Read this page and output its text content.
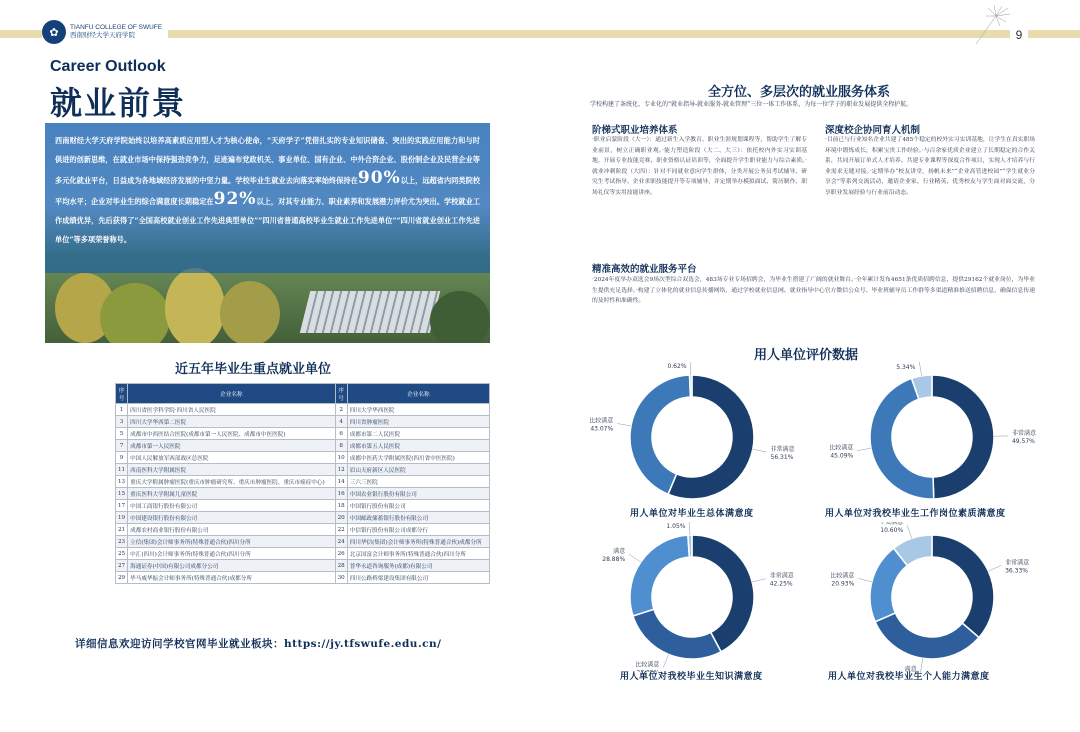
✿	TIANFU COLLEGE OF SWUFE
西南财经大学天府学院	9
Career Outlook
就业前景
西南财经大学天府学院始终以培养高素质应用型人才为核心使命，“天府学子”凭借扎实的专业知识储备、突出的实践应用能力和与时俱进的创新思维，在就业市场中保持强劲竞争力，足迹遍布党政机关、事业单位、国有企业、中外合资企业、股份制企业及民营企业等多元化就业平台，日益成为各地域经济发展的中坚力量。学校毕业生就业去向落实率始终保持在90%以上，远超省内同类院校平均水平；企业对毕业生的综合满意度长期稳定在92%以上，对其专业能力、职业素养和发展潜力评价尤为突出。学校就业工作成绩优异，先后获得了“全国高校就业创业工作先进典型单位”“四川省普通高校毕业生就业工作先进单位”“四川省就业创业工作先进单位”等多项荣誉称号。
近五年毕业生重点就业单位
序号	企业名称	序号	企业名称
1	四川省医学科学院·四川省人民医院	2	四川大学华西医院
3	四川大学华西第二医院	4	四川省肿瘤医院
5	成都市中西医结合医院(成都市第一人民医院、成都市中医医院)	6	成都市第二人民医院
7	成都市第一人民医院	8	成都市第五人民医院
9	中国人民解放军西部战区总医院	10	成都中医药大学附属医院(四川省中医医院)
11	西南医科大学附属医院	12	眉山天府新区人民医院
13	重庆大学附属肿瘤医院(重庆市肿瘤研究所、重庆市肿瘤医院、重庆市癌症中心)	14	三六三医院
15	重庆医科大学附属儿童医院	16	中国农业银行股份有限公司
17	中国工商银行股份有限公司	18	中国银行股份有限公司
19	中国建设银行股份有限公司	20	中国邮政储蓄银行股份有限公司
21	成都农村商业银行股份有限公司	22	中信银行股份有限公司成都分行
23	立信(集团)会计师事务所(特殊普通合伙)四川分所	24	四川华信(集团)会计师事务所(特殊普通合伙)成都分所
25	中汇(四川)会计师事务所(特殊普通合伙)四川分所	26	北京国富会计师事务所(特殊普通合伙)四川分所
27	海通证券(中国)有限公司成都分公司	28	普华永道咨询服务(成都)有限公司
29	毕马威华振会计师事务所(特殊普通合伙)成都分所	30	四川公路桥梁建设集团有限公司
详细信息欢迎访问学校官网毕业就业板块：https://jy.tfswufe.edu.cn/
全方位、多层次的就业服务体系
学校构建了条统化、专业化的“就业指导-就业服务-就业管理”三位一体工作体系，为每一位学子的职业发展提供全程护航。
阶梯式职业培养体系
·职业启蒙阶段（大一）：通过新生入学教育、职业生涯规划课程等，帮助学生了解专业前景，树立正确职业观。·能力塑造阶段（大二、大三）：依托校内外实习实训基地，开展专业技能竞赛、职业资格认证培训等，全面提升学生职业能力与综合素质。·就业冲刺阶段（大四）：针对不同就业意向学生群体，分类开展公务员考试辅导、研究生考试指导、企业求职技能提升等专项辅导，并定期举办模拟面试、简历制作、职场礼仪等实用技能讲座。
深度校企协同育人机制
·目前已与行业知名企业共建了485个稳定的校外实习实训基地，让学生在真实职场环境中锻炼成长，积累宝贵工作经验。·与百余家优质企业建立了长期稳定的合作关系，共同开展订单式人才培养、共建专业课程等深度合作项目，实现人才培养与行业需求无缝对接。·定期举办“校友讲堂，扬帆未来”“企业高管进校园”“学生就业分享会”等系列交流活动，邀请企业家、行业精英、优秀校友与学生面对面交流，分享职业发展经验与行业前沿动态。
精准高效的就业服务平台
·2024年度举办双选会9场次型综合双选会，483场专业专场招聘会，为毕业生搭建了广阔的就业舞台。·全年累计发布4651条优质招聘信息，提供29162个就业岗位，为毕业生提供充足选择。·构建了立体化的就业信息传播网络，通过学校就业信息网、就业指导中心官方微信公众号、毕业班辅导员工作群等多渠道精准推送招聘信息，确保信息传递的及时性和准确性。
用人单位评价数据
非常满意
56.31%
比较满意
43.07%
0.62%
用人单位对毕业生总体满意度
非常满意
49.57%
比较满意
45.09%
5.34%
用人单位对我校毕业生工作岗位素质满意度
非常满意
42.25%
比较满意
满意
28.88%
1.05%
用人单位对我校毕业生知识满意度
非常满意
36.33%
满意
比较满意
20.93%
不太满意
10.60%
用人单位对我校毕业生个人能力满意度
